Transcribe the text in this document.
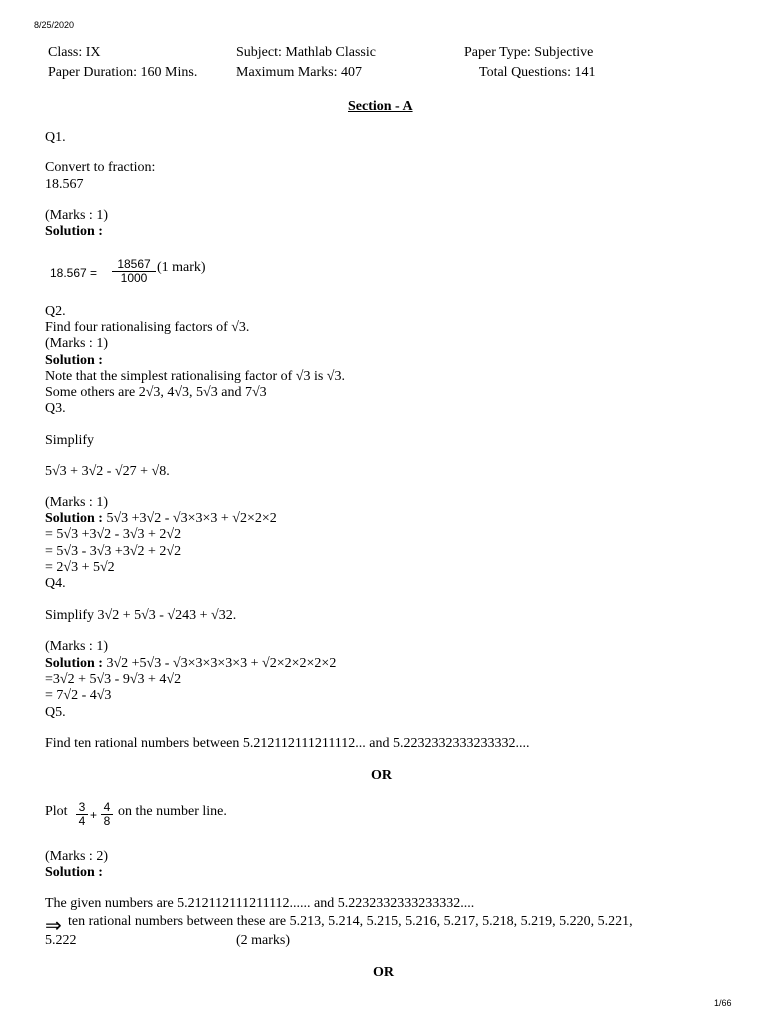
8/25/2020
Class: IX	Subject: Mathlab Classic	Paper Type: Subjective
Paper Duration: 160 Mins.	Maximum Marks: 407	Total Questions: 141
Section - A
Q1.
Convert to fraction:
18.567
(Marks : 1)
Solution :
18.567 =
18567
1000
(1 mark)
Q2.
Find four rationalising factors of √3.
(Marks : 1)
Solution :
Note that the simplest rationalising factor of √3 is √3.
Some others are 2√3, 4√3, 5√3 and 7√3
Q3.
Simplify
5√3 + 3√2 - √27 + √8.
(Marks : 1)
Solution : 5√3 +3√2 - √3×3×3 + √2×2×2
= 5√3 +3√2 - 3√3 + 2√2
= 5√3 - 3√3 +3√2 + 2√2
= 2√3 + 5√2
Q4.
Simplify 3√2 + 5√3 - √243 + √32.
(Marks : 1)
Solution : 3√2 +5√3 - √3×3×3×3×3 + √2×2×2×2×2
=3√2 + 5√3 - 9√3 + 4√2
= 7√2 - 4√3
Q5.
Find ten rational numbers between 5.212112111211112... and 5.2232332333233332....
OR
Plot 3
4 +
4
8
on the number line.
(Marks : 2)
Solution :
The given numbers are 5.212112111211112...... and 5.2232332333233332....
⇒ ten rational numbers between these are 5.213, 5.214, 5.215, 5.216, 5.217, 5.218, 5.219, 5.220, 5.221,
5.222	(2 marks)
OR
1/66
